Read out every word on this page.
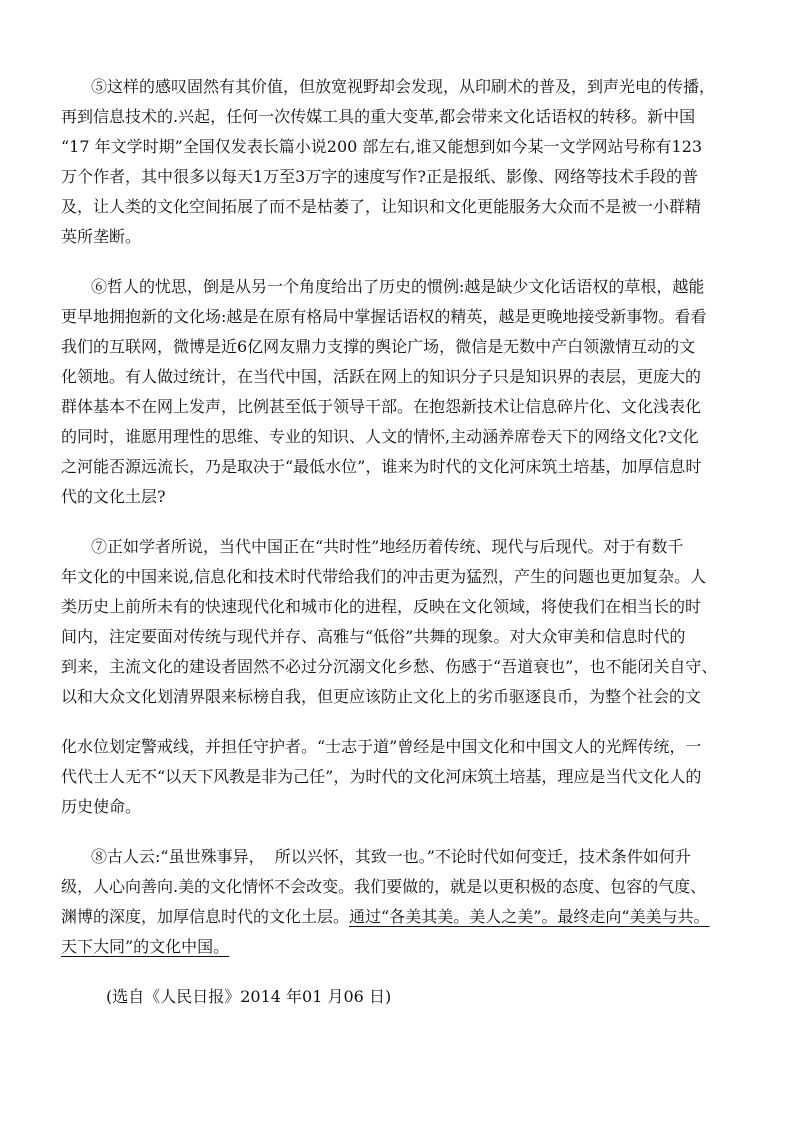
⑤这样的感叹固然有其价值，但放宽视野却会发现，从印刷术的普及，到声光电的传播，
再到信息技术的.兴起，任何一次传媒工具的重大变革,都会带来文化话语权的转移。新中国
“17 年文学时期”全国仅发表长篇小说200 部左右,谁又能想到如今某一文学网站号称有123
万个作者，其中很多以每天1万至3万字的速度写作?正是报纸、影像、网络等技术手段的普
及，让人类的文化空间拓展了而不是枯萎了，让知识和文化更能服务大众而不是被一小群精
英所垄断。
⑥哲人的忧思，倒是从另一个角度给出了历史的惯例:越是缺少文化话语权的草根，越能
更早地拥抱新的文化场:越是在原有格局中掌握话语权的精英，越是更晚地接受新事物。看看
我们的互联网，微博是近6亿网友鼎力支撑的舆论广场，微信是无数中产白领激情互动的文
化领地。有人做过统计，在当代中国，活跃在网上的知识分子只是知识界的表层，更庞大的
群体基本不在网上发声，比例甚至低于领导干部。在抱怨新技术让信息碎片化、文化浅表化
的同时，谁愿用理性的思维、专业的知识、人文的情怀,主动涵养席卷天下的网络文化?文化
之河能否源远流长，乃是取决于“最低水位”，谁来为时代的文化河床筑土培基，加厚信息时
代的文化土层?
⑦正如学者所说，当代中国正在“共时性”地经历着传统、现代与后现代。对于有数千
年文化的中国来说,信息化和技术时代带给我们的冲击更为猛烈，产生的问题也更加复杂。人
类历史上前所未有的快速现代化和城市化的进程，反映在文化领域，将使我们在相当长的时
间内，注定要面对传统与现代并存、高雅与“低俗”共舞的现象。对大众审美和信息时代的
到来，主流文化的建设者固然不必过分沉溺文化乡愁、伤感于“吾道衰也”，也不能闭关自守、
以和大众文化划清界限来标榜自我，但更应该防止文化上的劣币驱逐良币，为整个社会的文
化水位划定警戒线，并担任守护者。“士志于道”曾经是中国文化和中国文人的光辉传统，一
代代士人无不“以天下风教是非为己任”，为时代的文化河床筑土培基，理应是当代文化人的
历史使命。
⑧古人云:“虽世殊事异，  所以兴怀，其致一也。”不论时代如何变迁，技术条件如何升
级，人心向善向.美的文化情怀不会改变。我们要做的，就是以更积极的态度、包容的气度、
渊博的深度，加厚信息时代的文化土层。通过“各美其美。美人之美”。最终走向“美美与共。
天下大同”的文化中国。
(选自《人民日报》2014 年01 月06 日)
